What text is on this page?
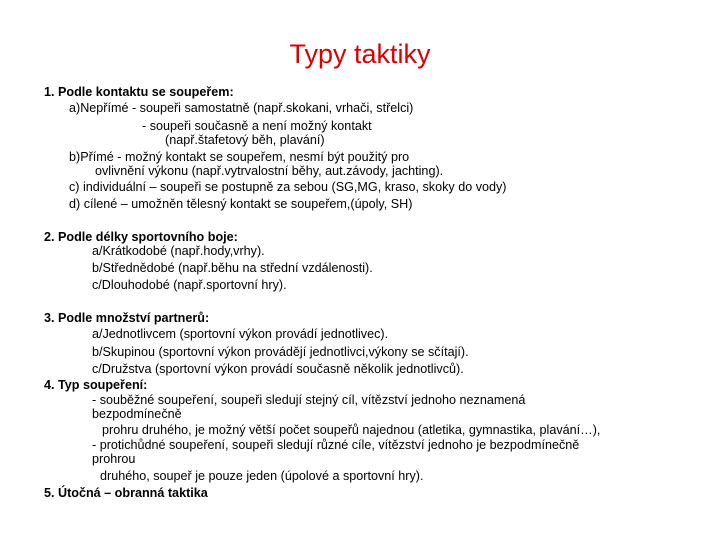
Typy taktiky
1. Podle kontaktu se soupeřem:
a)Nepřímé - soupeři samostatně (např.skokani, vrhači, střelci)
- soupeři současně a není možný kontakt
(např.štafetový běh, plavání)
b)Přímé - možný kontakt se soupeřem, nesmí být použitý pro
ovlivnění výkonu (např.vytrvalostní běhy, aut.závody, jachting).
c) individuální – soupeři se postupně za sebou (SG,MG, kraso, skoky do vody)
d) cílené – umožněn tělesný kontakt se soupeřem,(úpoly, SH)
2. Podle délky sportovního boje:
a/Krátkodobé (např.hody,vrhy).
b/Střednědobé (např.běhu na střední vzdálenosti).
c/Dlouhodobé (např.sportovní hry).
3. Podle množství partnerů:
a/Jednotlivcem (sportovní výkon provádí jednotlivec).
b/Skupinou (sportovní výkon provádějí jednotlivci,výkony se sčítají).
c/Družstva (sportovní výkon provádí současně několik jednotlivců).
4. Typ soupeření:
- souběžné soupeření, soupeři sledují stejný cíl, vítězství jednoho neznamená
bezpodmínečně
prohru druhého, je možný větší počet soupeřů najednou (atletika, gymnastika, plavání…),
- protichůdné soupeření, soupeři sledují různé cíle, vítězství jednoho je bezpodmínečně
prohrou
druhého, soupeř je pouze jeden (úpolové a sportovní hry).
5. Útočná – obranná taktika
